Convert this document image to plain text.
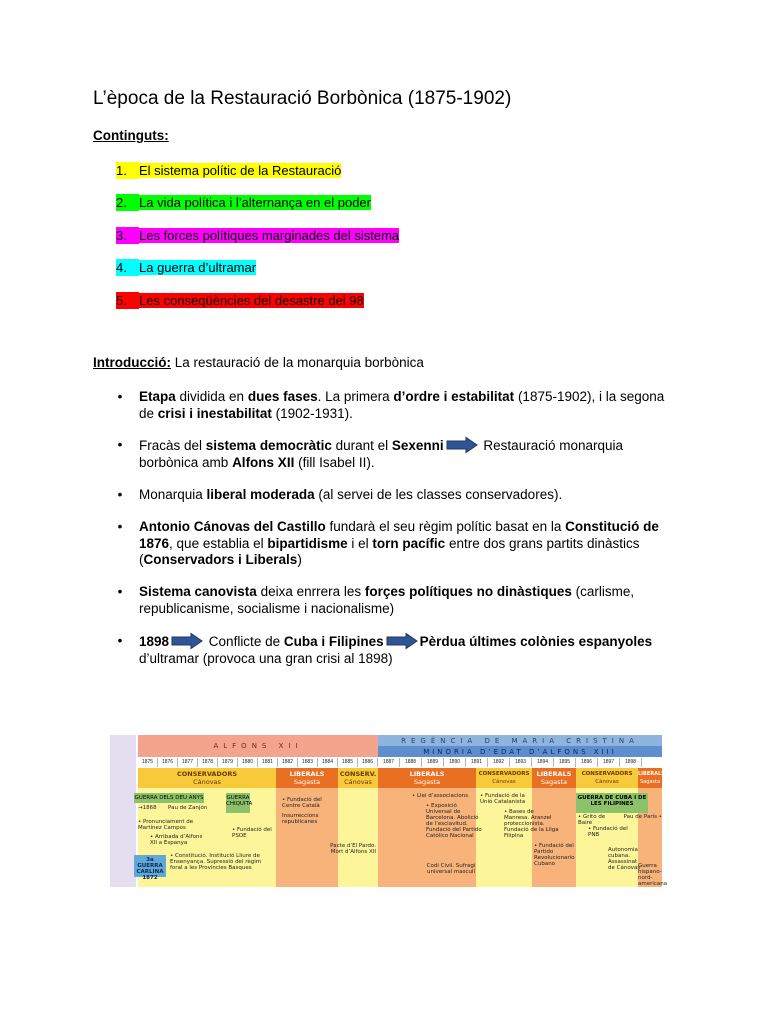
L’època de la Restauració Borbònica (1875-1902)
Continguts:
1. El sistema polític de la Restauració
2. La vida política i l’alternança en el poder
3. Les forces polítiques marginades del sistema
4. La guerra d’ultramar
5. Les conseqüències del desastre del 98
Introducció: La restauració de la monarquia borbònica
• Etapa dividida en dues fases. La primera d’ordre i estabilitat (1875-1902), i la segona de crisi i inestabilitat (1902-1931).
• Fracàs del sistema democràtic durant el Sexenni	Restauració monarquia borbònica amb Alfons XII (fill Isabel II).
• Monarquia liberal moderada (al servei de les classes conservadores).
• Antonio Cánovas del Castillo fundarà el seu règim polític basat en la Constitució de 1876, que establia el bipartidisme i el torn pacífic entre dos grans partits dinàstics (Conservadors i Liberals)
• Sistema canovista deixa enrrera les forçes polítiques no dinàstiques (carlisme, republicanisme, socialisme i nacionalisme)
• 1898	Conflicte de Cuba i Filipines	Pèrdua últimes colònies espanyoles d’ultramar (provoca una gran crisi al 1898)
ALFONS XII
REGÈNCIA DE MARIA CRISTINA
MINORIA D’EDAT D’ALFONS XIII
1875	1876	1877	1878	1879	1880	1881	1882	1883	1884	1885	1886	1887	1888	1889	1890	1891	1892	1893	1894	1895	1896	1897	1898
CONSERVADORS
Cánovas
LIBERALS
Sagasta
CONSERV.
Cánovas
LIBERALS
Sagasta
CONSERVADORS
Cánovas
LIBERALS
Sagasta
CONSERVADORS
Cánovas
LIBERALS
Sagasta
GUERRA DELS DEU ANYS
→1868 Pau de Zanjón
GUERRA CHIQUITA
• Pronunciament de Martínez Campos
• Arribada d’Alfons XII a Espanya
3a GUERRA CARLINA
1872
• Constitució. Institució Lliure de Ensenyança. Supressió del règim foral a les Províncies Basques
• Fundació del PSOE
• Fundació del Centre Català
Insurreccions republicanes
Pacte d’El Pardo. Mort d’Alfons XII
• Llei d’associacions
• Exposició Universal de Barcelona. Abolició de l’esclavitud. Fundació del Partido Católico Nacional
Codi Civil. Sufragi universal masculí
• Fundació de la Unió Catalanista
• Bases de Manresa. Aranzel proteccionista. Fundació de la Lliga Filipina
• Fundació del Partido Revolucionario Cubano
GUERRA DE CUBA I DE LES FILIPINES
• Grito de Baire
Pau de París •
• Fundació del PNB
Autonomia cubana. Assassinat de Cánovas
Guerra hispano-nord-americana
